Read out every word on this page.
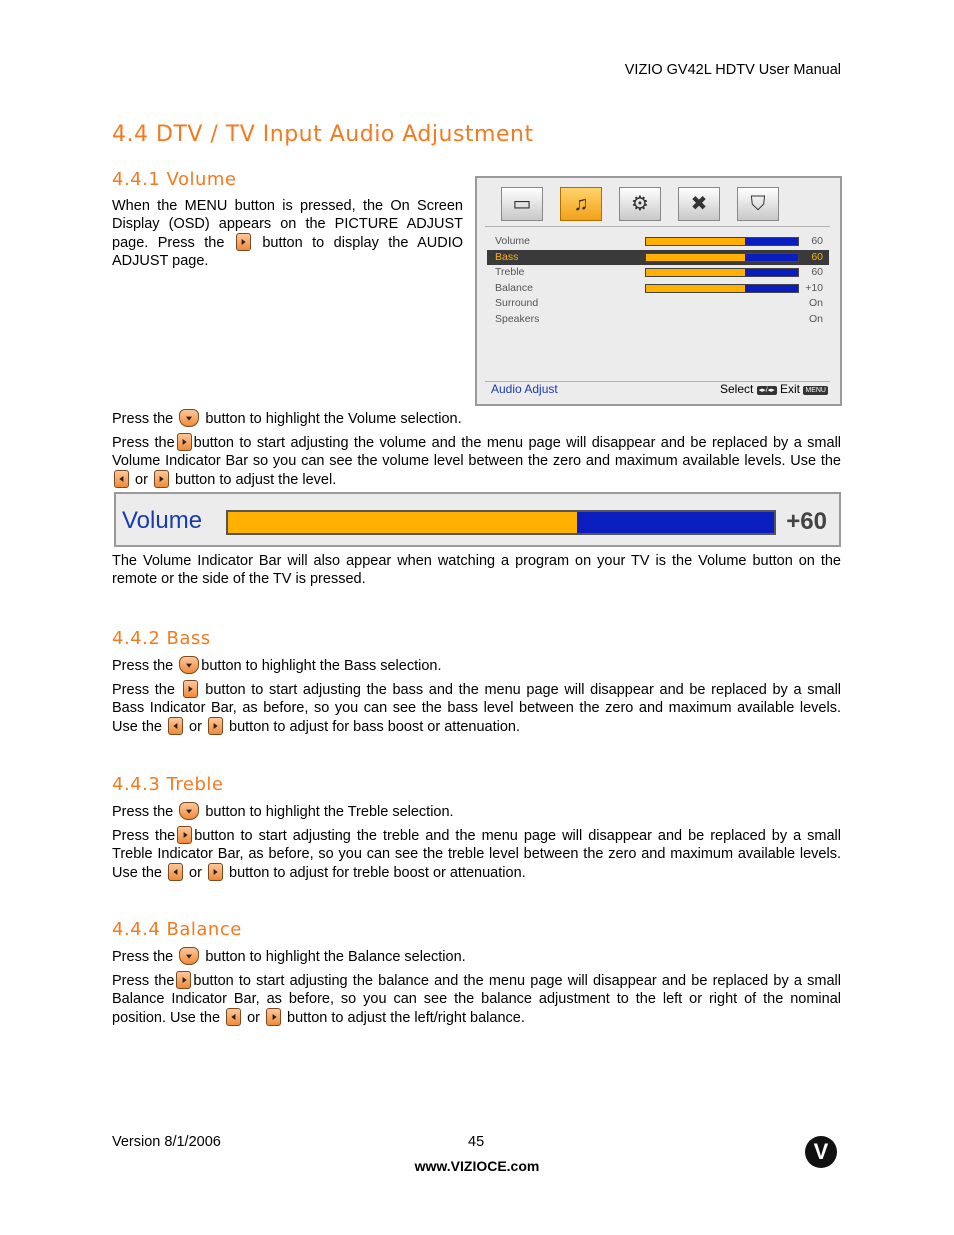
VIZIO GV42L HDTV User Manual
4.4 DTV / TV Input Audio Adjustment
4.4.1 Volume
When the MENU button is pressed, the On Screen Display (OSD) appears on the PICTURE ADJUST page. Press the	button to display the AUDIO ADJUST page.
▭	♫	⚙	✖	⛉
Volume	60
Bass	60
Treble	60
Balance	+10
Surround	On
Speakers	On
Audio Adjust	Select ◂▸/◂▸ Exit MENU

Press the button to highlight the Volume selection.

Press the button to start adjusting the volume and the menu page will disappear and be replaced by a small Volume Indicator Bar so you can see the volume level between the zero and maximum available levels. Use the  or button to adjust the level.

Volume	+60
The Volume Indicator Bar will also appear when watching a program on your TV is the Volume button on the remote or the side of the TV is pressed.
4.4.2 Bass

Press the button to highlight the Bass selection.

Press the button to start adjusting the bass and the menu page will disappear and be replaced by a small Bass Indicator Bar, as before, so you can see the bass level between the zero and maximum available levels. Use the or button to adjust for bass boost or attenuation.

4.4.3 Treble

Press the button to highlight the Treble selection.

Press the button to start adjusting the treble and the menu page will disappear and be replaced by a small Treble Indicator Bar, as before, so you can see the treble level between the zero and maximum available levels. Use the or button to adjust for treble boost or attenuation.

4.4.4 Balance

Press the button to highlight the Balance selection.

Press the button to start adjusting the balance and the menu page will disappear and be replaced by a small Balance Indicator Bar, as before, so you can see the balance adjustment to the left or right of the nominal position. Use the or button to adjust the left/right balance.

Version 8/1/2006	45
www.VIZIOCE.com
V
